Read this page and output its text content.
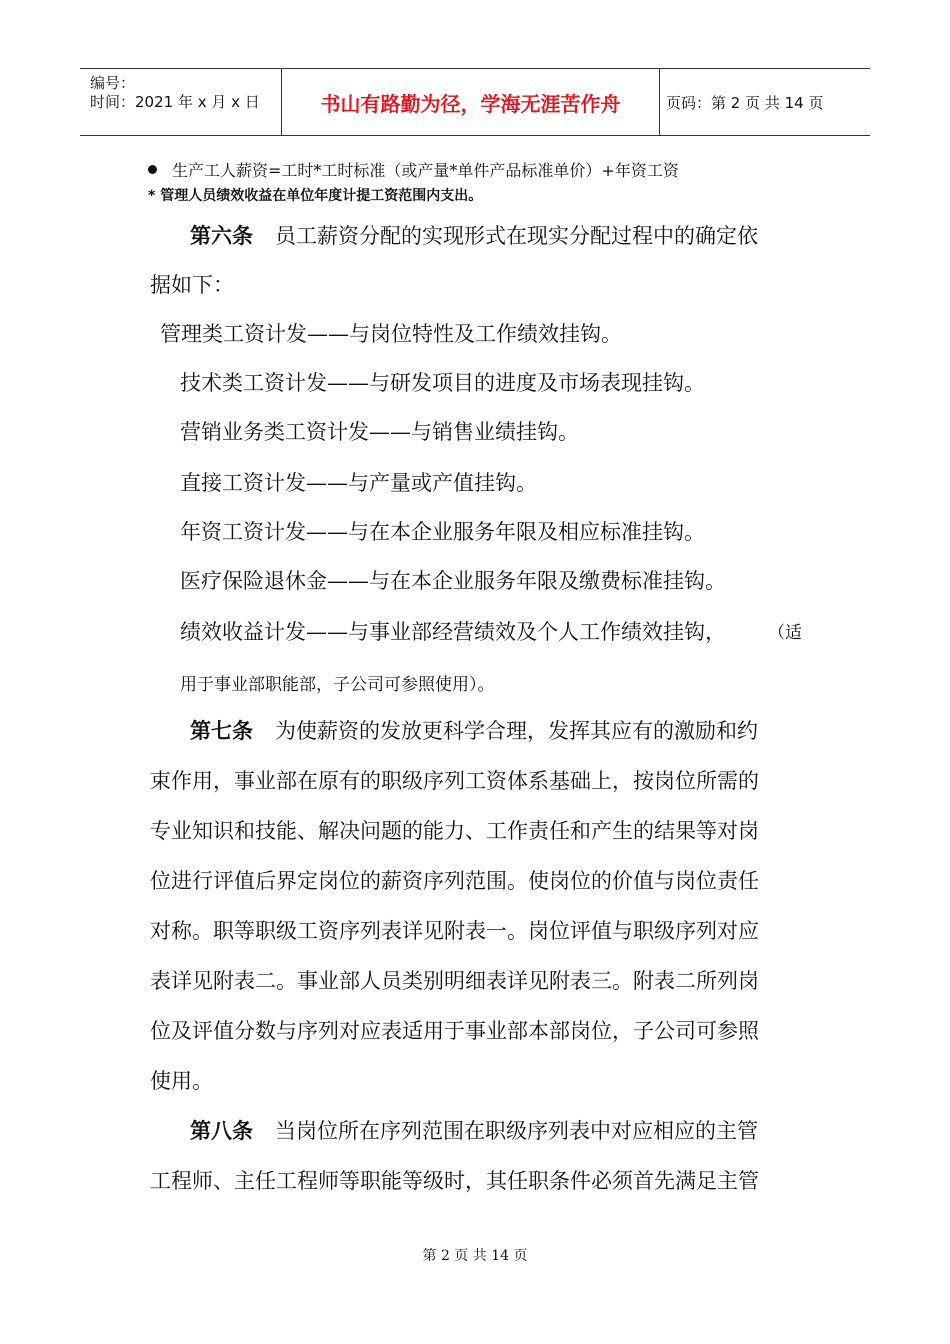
编号：
时间：2021 年 x 月 x 日	书山有路勤为径，学海无涯苦作舟	页码：第 2 页 共 14 页
生产工人薪资=工时*工时标准（或产量*单件产品标准单价）+年资工资
* 管理人员绩效收益在单位年度计提工资范围内支出。
第六条 员工薪资分配的实现形式在现实分配过程中的确定依
据如下：
管理类工资计发——与岗位特性及工作绩效挂钩。
技术类工资计发——与研发项目的进度及市场表现挂钩。
营销业务类工资计发——与销售业绩挂钩。
直接工资计发——与产量或产值挂钩。
年资工资计发——与在本企业服务年限及相应标准挂钩。
医疗保险退休金——与在本企业服务年限及缴费标准挂钩。
绩效收益计发——与事业部经营绩效及个人工作绩效挂钩， （适
用于事业部职能部，子公司可参照使用）。
第七条 为使薪资的发放更科学合理，发挥其应有的激励和约
束作用，事业部在原有的职级序列工资体系基础上，按岗位所需的
专业知识和技能、解决问题的能力、工作责任和产生的结果等对岗
位进行评值后界定岗位的薪资序列范围。使岗位的价值与岗位责任
对称。职等职级工资序列表详见附表一。岗位评值与职级序列对应
表详见附表二。事业部人员类别明细表详见附表三。附表二所列岗
位及评值分数与序列对应表适用于事业部本部岗位，子公司可参照
使用。
第八条 当岗位所在序列范围在职级序列表中对应相应的主管
工程师、主任工程师等职能等级时，其任职条件必须首先满足主管
第 2 页 共 14 页
